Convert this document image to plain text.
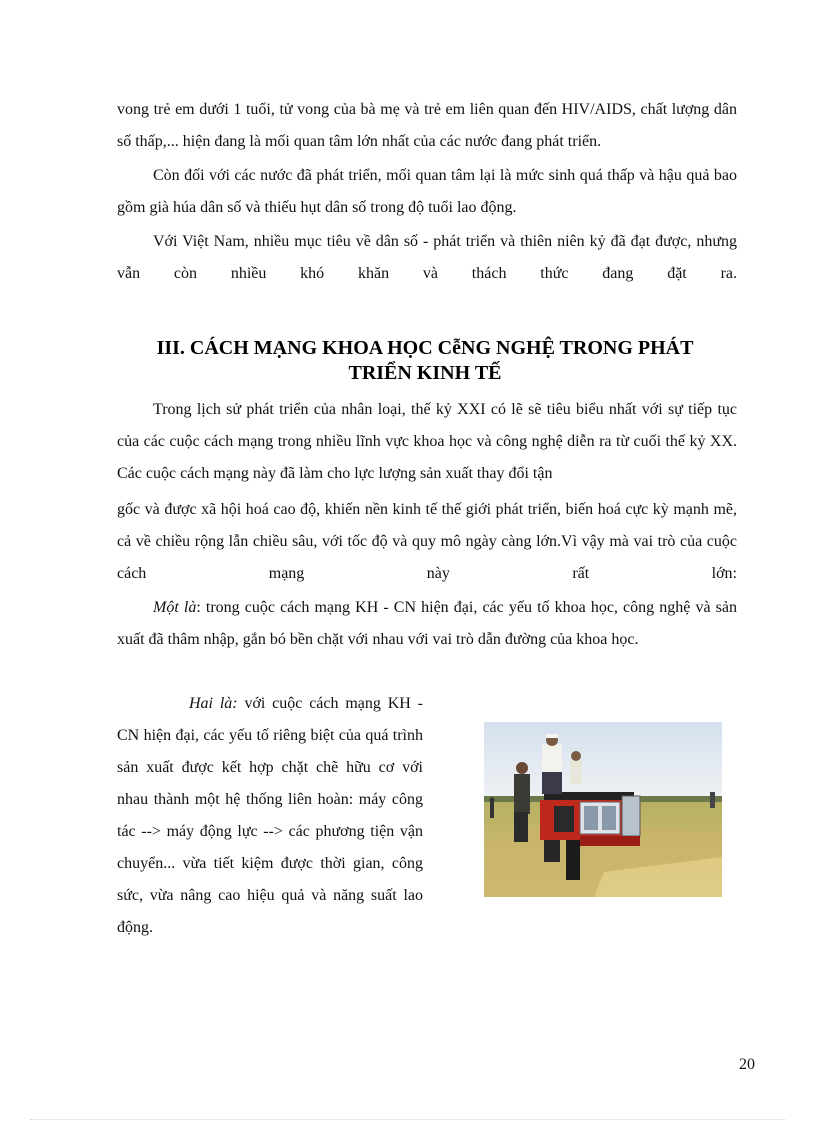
vong trẻ em dưới 1 tuổi, tử vong của bà mẹ và trẻ em liên quan đến HIV/AIDS, chất lượng dân số thấp,... hiện đang là mối quan tâm lớn nhất của các nước đang phát triển.

Còn đối với các nước đã phát triển, mối quan tâm lại là mức sinh quá thấp và hậu quả bao gồm già húa dân số và thiếu hụt dân số trong độ tuổi lao động.

Với Việt Nam, nhiều mục tiêu về dân số - phát triển và thiên niên kỷ đã đạt được, nhưng vẫn còn nhiều khó khăn và thách thức đang đặt ra.

III. CÁCH MẠNG KHOA HỌC CễNG NGHỆ TRONG PHÁT
TRIỂN KINH TẾ

Trong lịch sử phát triển của nhân loại, thế kỷ XXI có lẽ sẽ tiêu biểu nhất với sự tiếp tục của các cuộc cách mạng trong nhiều lĩnh vực khoa học và công nghệ diễn ra từ cuối thế kỷ XX. Các cuộc cách mạng này đã làm cho lực lượng sản xuất thay đổi tận

gốc và được xã hội hoá cao độ, khiến nền kinh tế thế giới phát triển, biến hoá cực kỳ mạnh mẽ, cả về chiều rộng lẫn chiều sâu, với tốc độ và quy mô ngày càng lớn.Vì vậy mà vai trò của cuộc cách mạng này rất lớn:

Một là: trong cuộc cách mạng KH - CN hiện đại, các yếu tố khoa học, công nghệ và sản xuất đã thâm nhập, gắn bó bền chặt với nhau với vai trò dẫn đường của khoa học.

Hai là: với cuộc cách mạng KH - CN hiện đại, các yếu tố riêng biệt của quá trình sản xuất được kết hợp chặt chẽ hữu cơ với nhau thành một hệ thống liên hoàn: máy công tác --> máy động lực --> các phương tiện vận chuyển... vừa tiết kiệm được thời gian, công sức, vừa nâng cao hiệu quả và năng suất lao động.

20
